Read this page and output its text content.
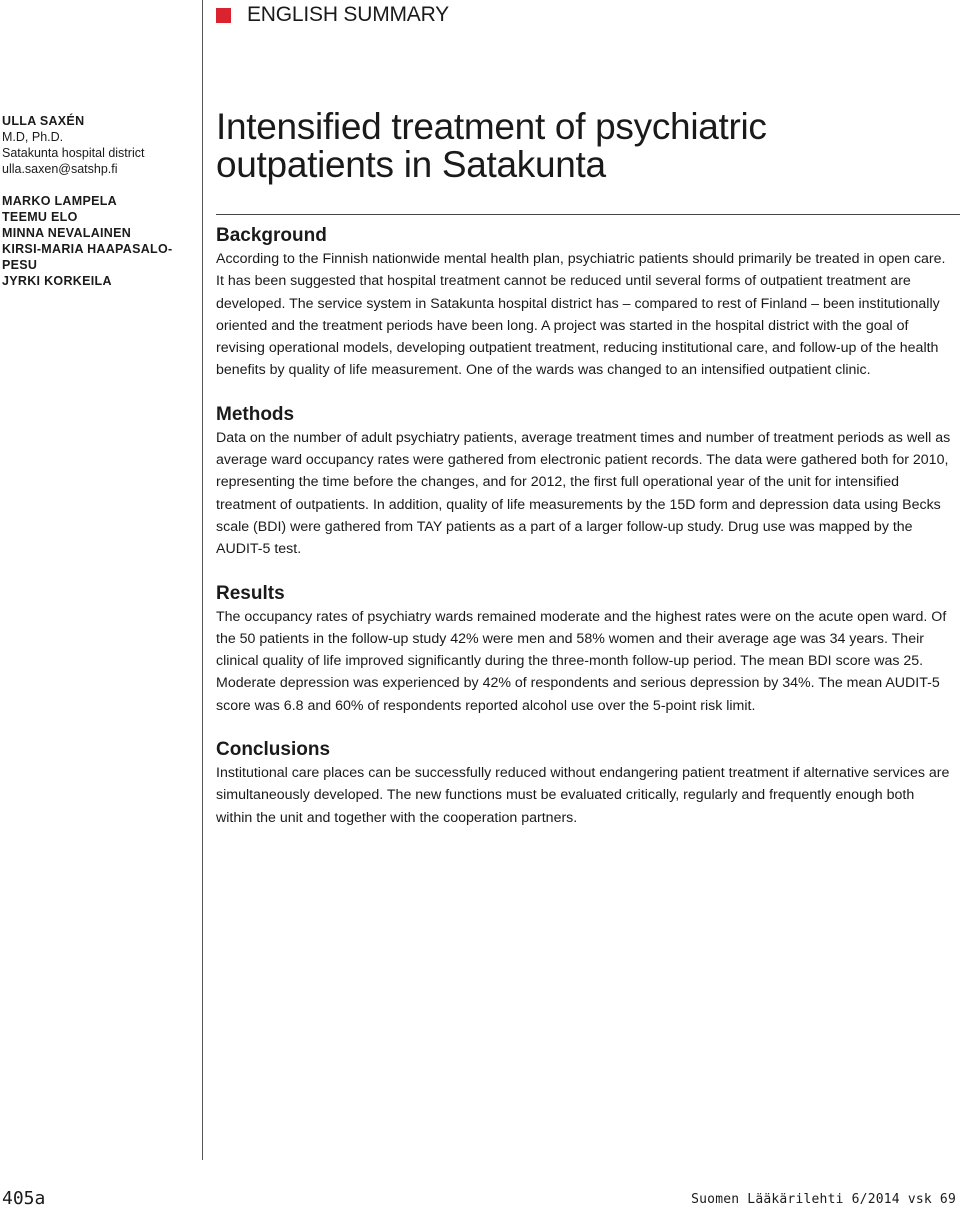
ENGLISH SUMMARY
ULLA SAXÉN
M.D, Ph.D.
Satakunta hospital district
ulla.saxen@satshp.fi
MARKO LAMPELA
TEEMU ELO
MINNA NEVALAINEN
KIRSI-MARIA HAAPASALO-PESU
JYRKI KORKEILA
Intensified treatment of psychiatric outpatients in Satakunta
Background

According to the Finnish nationwide mental health plan, psychiatric patients should primarily be treated in open care. It has been suggested that hospital treatment cannot be reduced until several forms of outpatient treatment are developed. The service system in Satakunta hospital district has – compared to rest of Finland – been institutionally oriented and the treatment periods have been long. A project was started in the hospital district with the goal of revising operational models, developing outpatient treatment, reducing institutional care, and follow-up of the health benefits by quality of life measurement. One of the wards was changed to an intensified outpatient clinic.

Methods

Data on the number of adult psychiatry patients, average treatment times and number of treatment periods as well as average ward occupancy rates were gathered from electronic patient records. The data were gathered both for 2010, representing the time before the changes, and for 2012, the first full operational year of the unit for intensified treatment of outpatients. In addition, quality of life measurements by the 15D form and depression data using Becks scale (BDI) were gathered from TAY patients as a part of a larger follow-up study. Drug use was mapped by the AUDIT-5 test.

Results

The occupancy rates of psychiatry wards remained moderate and the highest rates were on the acute open ward. Of the 50 patients in the follow-up study 42% were men and 58% women and their average age was 34 years. Their clinical quality of life improved significantly during the three-month follow-up period. The mean BDI score was 25. Moderate depression was experienced by 42% of respondents and serious depression by 34%. The mean AUDIT-5 score was 6.8 and 60% of respondents reported alcohol use over the 5-point risk limit.

Conclusions

Institutional care places can be successfully reduced without endangering patient treatment if alternative services are simultaneously developed. The new functions must be evaluated critically, regularly and frequently enough both within the unit and together with the cooperation partners.

405a	Suomen Lääkärilehti 6/2014 vsk 69
